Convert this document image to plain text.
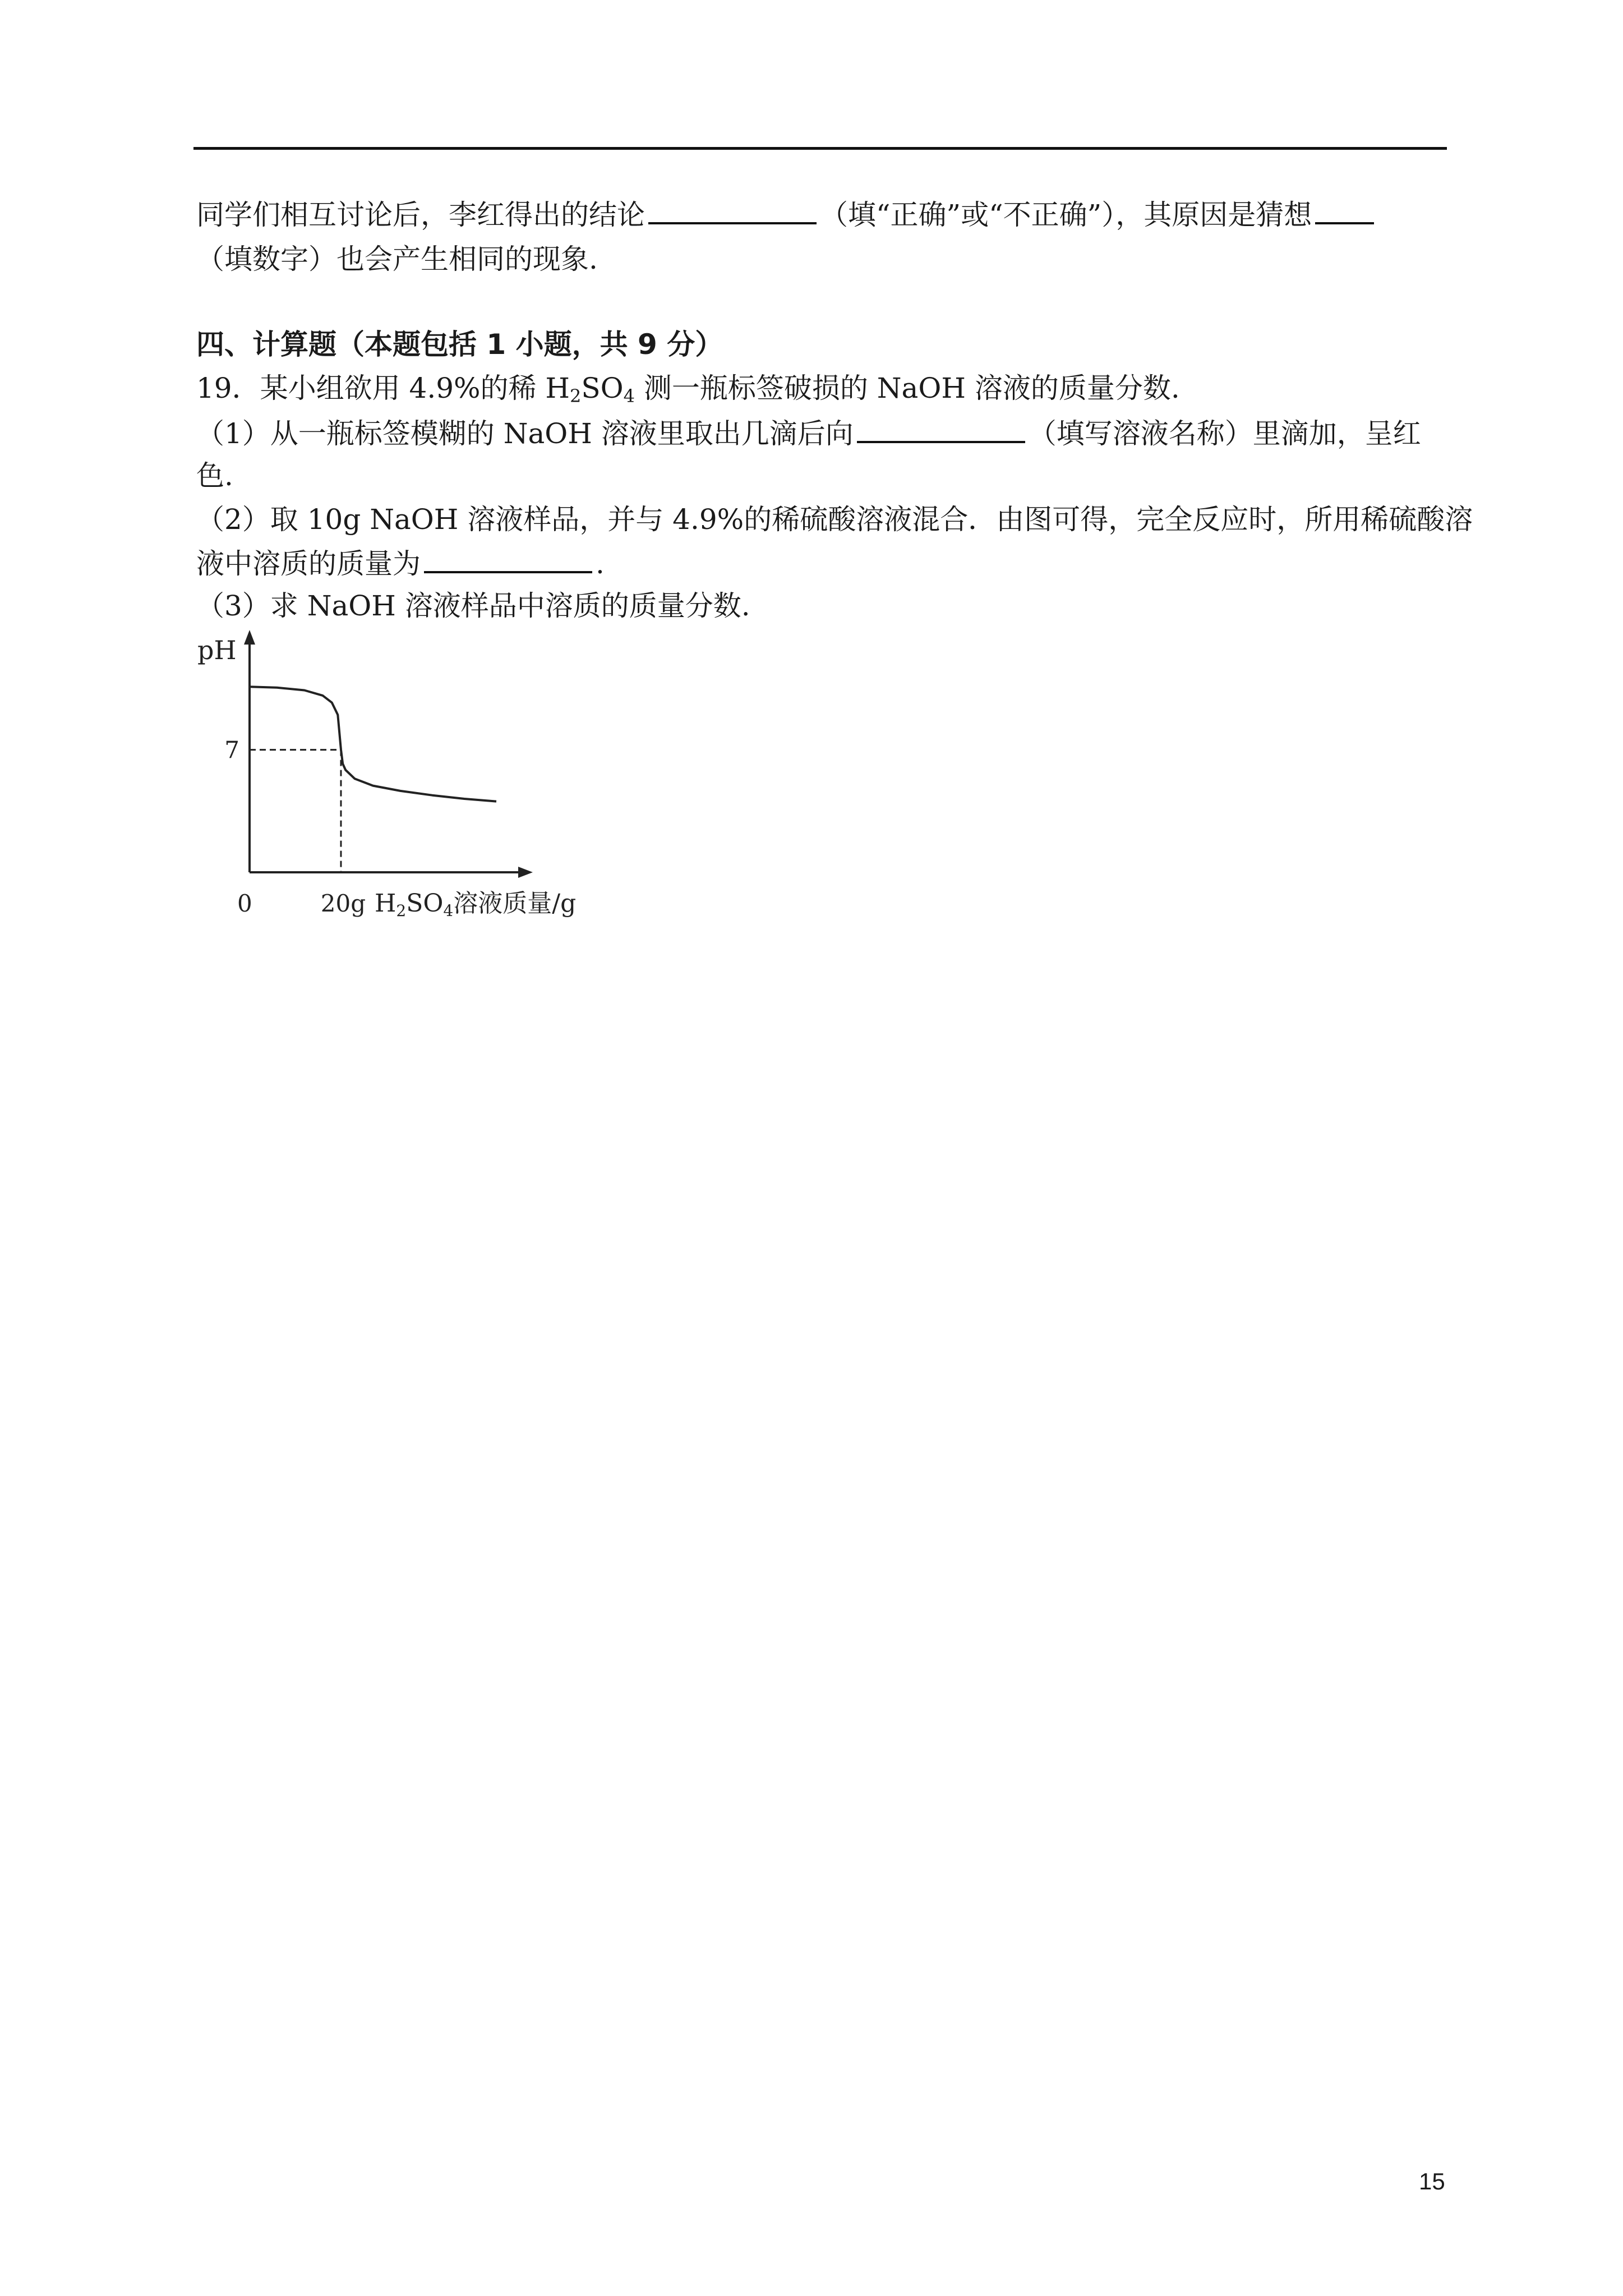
同学们相互讨论后，李红得出的结论	（填“正确”或“不正确”），其原因是猜想
（填数字）也会产生相同的现象.
四、计算题（本题包括 1 小题，共 9 分）
19．某小组欲用 4.9%的稀 $H_2SO_4$ 测一瓶标签破损的 NaOH 溶液的质量分数.
（1）从一瓶标签模糊的 NaOH 溶液里取出几滴后向	（填写溶液名称）里滴加，呈红
色.
（2）取 10g NaOH 溶液样品，并与 4.9%的稀硫酸溶液混合．由图可得，完全反应时，所用稀硫酸溶
液中溶质的质量为	.
（3）求 NaOH 溶液样品中溶质的质量分数.
pH
0
7
20g H2SO4溶液质量/g
15
